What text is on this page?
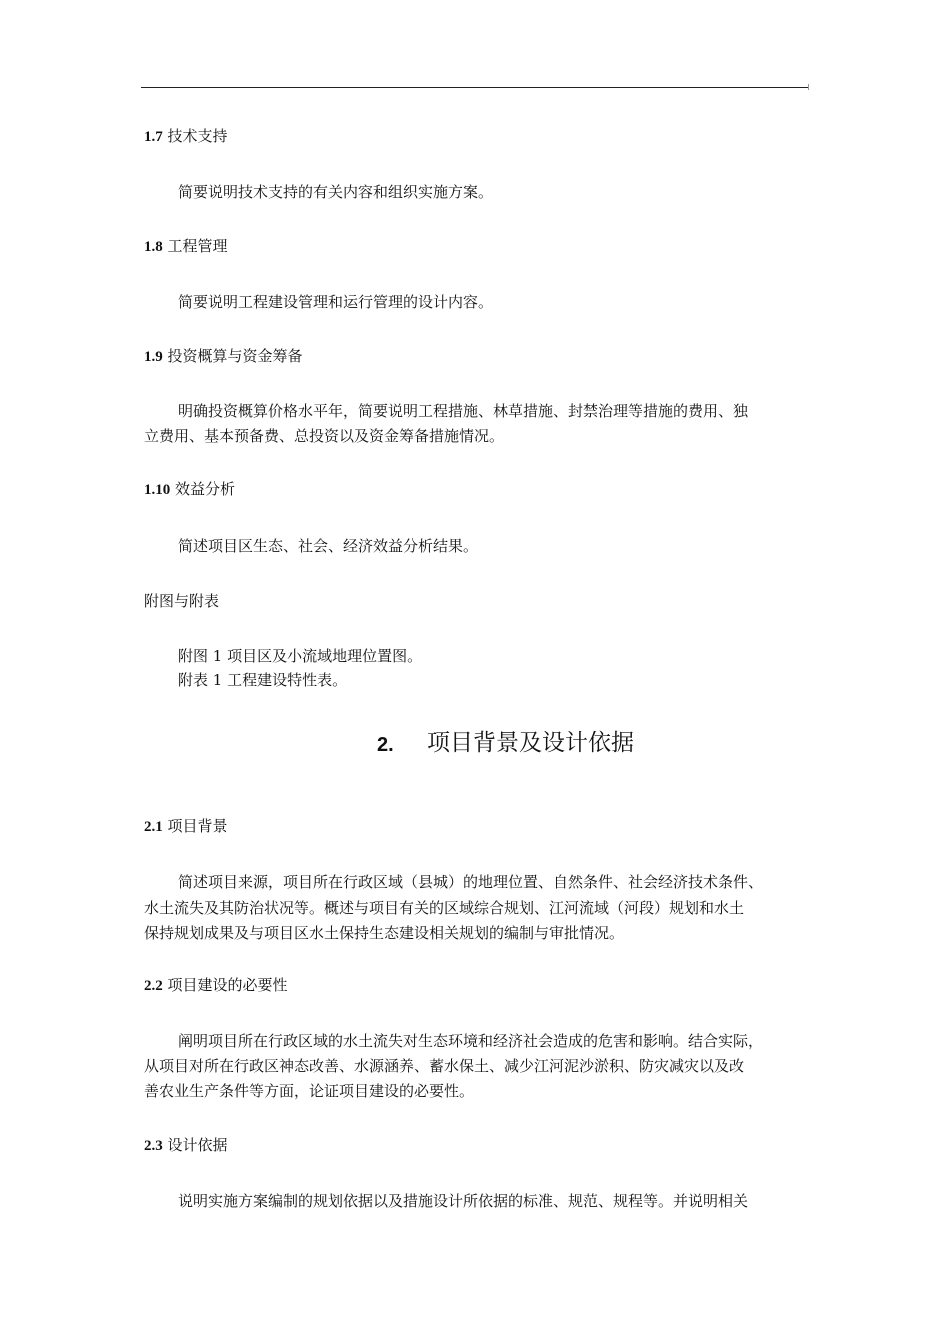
1.7 技术支持
简要说明技术支持的有关内容和组织实施方案。
1.8 工程管理
简要说明工程建设管理和运行管理的设计内容。
1.9 投资概算与资金筹备
明确投资概算价格水平年，简要说明工程措施、林草措施、封禁治理等措施的费用、独
立费用、基本预备费、总投资以及资金筹备措施情况。
1.10 效益分析
简述项目区生态、社会、经济效益分析结果。
附图与附表
附图 1 项目区及小流域地理位置图。
附表 1 工程建设特性表。
2. 项目背景及设计依据
2.1 项目背景
简述项目来源，项目所在行政区域（县城）的地理位置、自然条件、社会经济技术条件、
水土流失及其防治状况等。概述与项目有关的区域综合规划、江河流域（河段）规划和水土
保持规划成果及与项目区水土保持生态建设相关规划的编制与审批情况。
2.2 项目建设的必要性
阐明项目所在行政区域的水土流失对生态环境和经济社会造成的危害和影响。结合实际，
从项目对所在行政区神态改善、水源涵养、蓄水保土、减少江河泥沙淤积、防灾减灾以及改
善农业生产条件等方面，论证项目建设的必要性。
2.3 设计依据
说明实施方案编制的规划依据以及措施设计所依据的标准、规范、规程等。并说明相关
